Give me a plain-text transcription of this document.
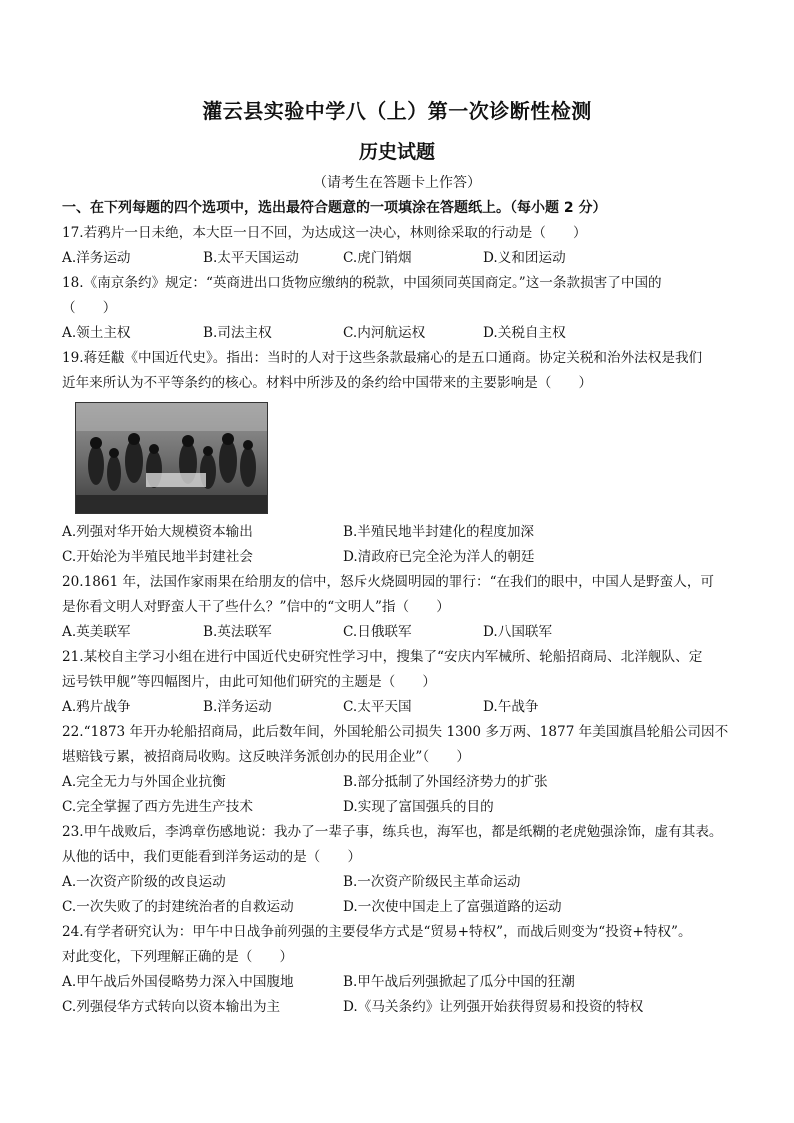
灌云县实验中学八（上）第一次诊断性检测
历史试题
（请考生在答题卡上作答）
一、在下列每题的四个选项中，选出最符合题意的一项填涂在答题纸上。（每小题 2 分）
17.若鸦片一日未绝，本大臣一日不回，为达成这一决心，林则徐采取的行动是（　　）
A.洋务运动	B.太平天国运动	C.虎门销烟	D.义和团运动
18.《南京条约》规定：“英商进出口货物应缴纳的税款，中国须同英国商定。”这一条款损害了中国的
（　　）
A.领土主权	B.司法主权	C.内河航运权	D.关税自主权
19.蒋廷黻《中国近代史》。指出：当时的人对于这些条款最痛心的是五口通商。协定关税和治外法权是我们
近年来所认为不平等条约的核心。材料中所涉及的条约给中国带来的主要影响是（　　）
A.列强对华开始大规模资本输出	B.半殖民地半封建化的程度加深
C.开始沦为半殖民地半封建社会	D.清政府已完全沦为洋人的朝廷
20.1861 年，法国作家雨果在给朋友的信中，怒斥火烧圆明园的罪行：“在我们的眼中，中国人是野蛮人，可
是你看文明人对野蛮人干了些什么？”信中的“文明人”指（　　）
A.英美联军	B.英法联军	C.日俄联军	D.八国联军
21.某校自主学习小组在进行中国近代史研究性学习中，搜集了“安庆内军械所、轮船招商局、北洋舰队、定
远号铁甲舰”等四幅图片，由此可知他们研究的主题是（　　）
A.鸦片战争	B.洋务运动	C.太平天国	D.午战争
22.“1873 年开办轮船招商局，此后数年间，外国轮船公司损失 1300 多万两、1877 年美国旗昌轮船公司因不
堪赔钱亏累，被招商局收购。这反映洋务派创办的民用企业”（　　）
A.完全无力与外国企业抗衡	B.部分抵制了外国经济势力的扩张
C.完全掌握了西方先进生产技术	D.实现了富国强兵的目的
23.甲午战败后，李鸿章伤感地说：我办了一辈子事，练兵也，海军也，都是纸糊的老虎勉强涂饰，虚有其表。
从他的话中，我们更能看到洋务运动的是（　　）
A.一次资产阶级的改良运动	B.一次资产阶级民主革命运动
C.一次失败了的封建统治者的自救运动	D.一次使中国走上了富强道路的运动
24.有学者研究认为：甲午中日战争前列强的主要侵华方式是“贸易+特权”，而战后则变为“投资+特权”。
对此变化，下列理解正确的是（　　）
A.甲午战后外国侵略势力深入中国腹地	B.甲午战后列强掀起了瓜分中国的狂潮
C.列强侵华方式转向以资本输出为主	D.《马关条约》让列强开始获得贸易和投资的特权
